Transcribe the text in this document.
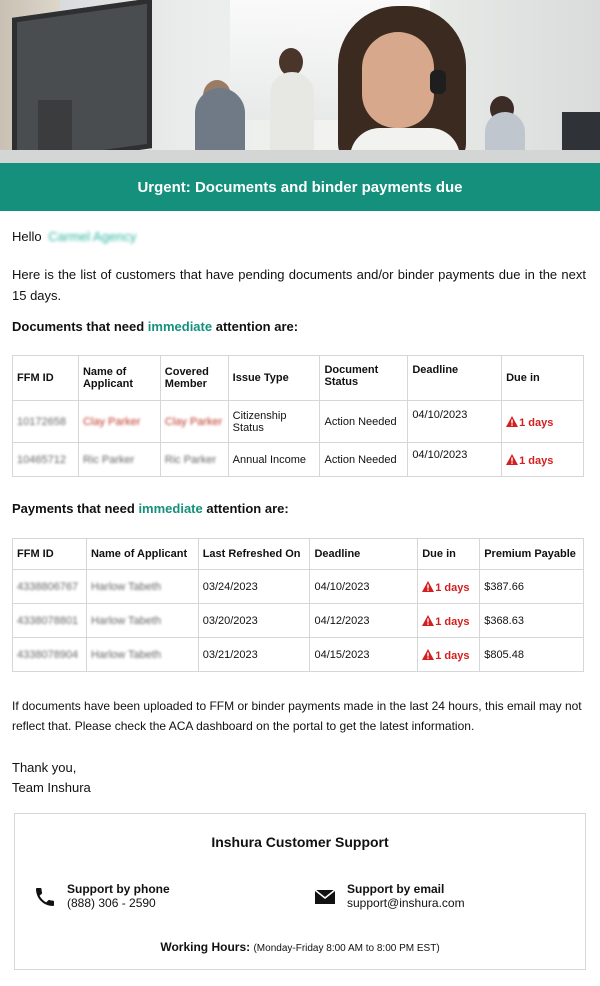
Urgent: Documents and binder payments due
Hello Carmel Agency
Here is the list of customers that have pending documents and/or binder payments due in the next 15 days.
Documents that need immediate attention are:
FFM ID	Name of Applicant	Covered Member	Issue Type	Document Status	Deadline	Due in
10172658	Clay Parker	Clay Parker	Citizenship Status	Action Needed	04/10/2023	1 days
10465712	Ric Parker	Ric Parker	Annual Income	Action Needed	04/10/2023	1 days
Payments that need immediate attention are:
FFM ID	Name of Applicant	Last Refreshed On	Deadline	Due in	Premium Payable
4338806767	Harlow Tabeth	03/24/2023	04/10/2023	1 days	$387.66
4338078801	Harlow Tabeth	03/20/2023	04/12/2023	1 days	$368.63
4338078904	Harlow Tabeth	03/21/2023	04/15/2023	1 days	$805.48
If documents have been uploaded to FFM or binder payments made in the last 24 hours, this email may not reflect that. Please check the ACA dashboard on the portal to get the latest information.
Thank you,
Team Inshura
Inshura Customer Support
Support by phone
(888) 306 - 2590
Support by email
support@inshura.com
Working Hours: (Monday-Friday 8:00 AM to 8:00 PM EST)
